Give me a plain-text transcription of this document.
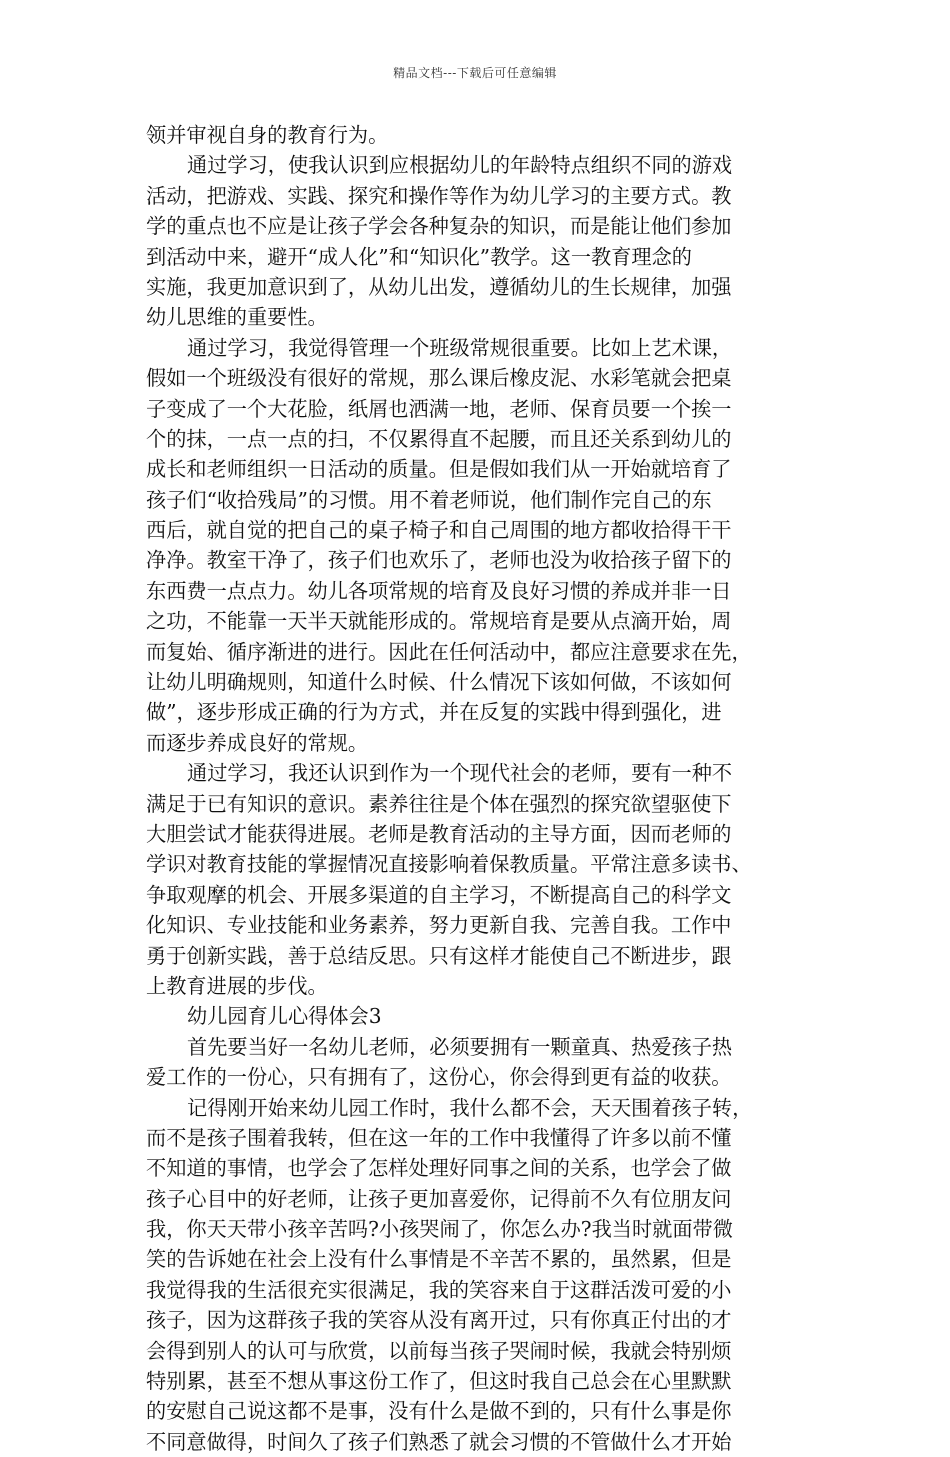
精品文档---下载后可任意编辑
领并审视自身的教育行为。
通过学习，使我认识到应根据幼儿的年龄特点组织不同的游戏
活动，把游戏、实践、探究和操作等作为幼儿学习的主要方式。教
学的重点也不应是让孩子学会各种复杂的知识，而是能让他们参加
到活动中来，避开“成人化”和“知识化”教学。这一教育理念的
实施，我更加意识到了，从幼儿出发，遵循幼儿的生长规律，加强
幼儿思维的重要性。
通过学习，我觉得管理一个班级常规很重要。比如上艺术课，
假如一个班级没有很好的常规，那么课后橡皮泥、水彩笔就会把桌
子变成了一个大花脸，纸屑也洒满一地，老师、保育员要一个挨一
个的抹，一点一点的扫，不仅累得直不起腰，而且还关系到幼儿的
成长和老师组织一日活动的质量。但是假如我们从一开始就培育了
孩子们“收拾残局”的习惯。用不着老师说，他们制作完自己的东
西后，就自觉的把自己的桌子椅子和自己周围的地方都收拾得干干
净净。教室干净了，孩子们也欢乐了，老师也没为收拾孩子留下的
东西费一点点力。幼儿各项常规的培育及良好习惯的养成并非一日
之功，不能靠一天半天就能形成的。常规培育是要从点滴开始，周
而复始、循序渐进的进行。因此在任何活动中，都应注意要求在先，
让幼儿明确规则，知道什么时候、什么情况下该如何做，不该如何
做”，逐步形成正确的行为方式，并在反复的实践中得到强化，进
而逐步养成良好的常规。
通过学习，我还认识到作为一个现代社会的老师，要有一种不
满足于已有知识的意识。素养往往是个体在强烈的探究欲望驱使下
大胆尝试才能获得进展。老师是教育活动的主导方面，因而老师的
学识对教育技能的掌握情况直接影响着保教质量。平常注意多读书、
争取观摩的机会、开展多渠道的自主学习，不断提高自己的科学文
化知识、专业技能和业务素养，努力更新自我、完善自我。工作中
勇于创新实践，善于总结反思。只有这样才能使自己不断进步，跟
上教育进展的步伐。
幼儿园育儿心得体会3
首先要当好一名幼儿老师，必须要拥有一颗童真、热爱孩子热
爱工作的一份心，只有拥有了，这份心，你会得到更有益的收获。
记得刚开始来幼儿园工作时，我什么都不会，天天围着孩子转，
而不是孩子围着我转，但在这一年的工作中我懂得了许多以前不懂
不知道的事情，也学会了怎样处理好同事之间的关系，也学会了做
孩子心目中的好老师，让孩子更加喜爱你，记得前不久有位朋友问
我，你天天带小孩辛苦吗?小孩哭闹了，你怎么办?我当时就面带微
笑的告诉她在社会上没有什么事情是不辛苦不累的，虽然累，但是
我觉得我的生活很充实很满足，我的笑容来自于这群活泼可爱的小
孩子，因为这群孩子我的笑容从没有离开过，只有你真正付出的才
会得到别人的认可与欣赏，以前每当孩子哭闹时候，我就会特别烦
特别累，甚至不想从事这份工作了，但这时我自己总会在心里默默
的安慰自己说这都不是事，没有什么是做不到的，只有什么事是你
不同意做得，时间久了孩子们熟悉了就会习惯的不管做什么才开始
